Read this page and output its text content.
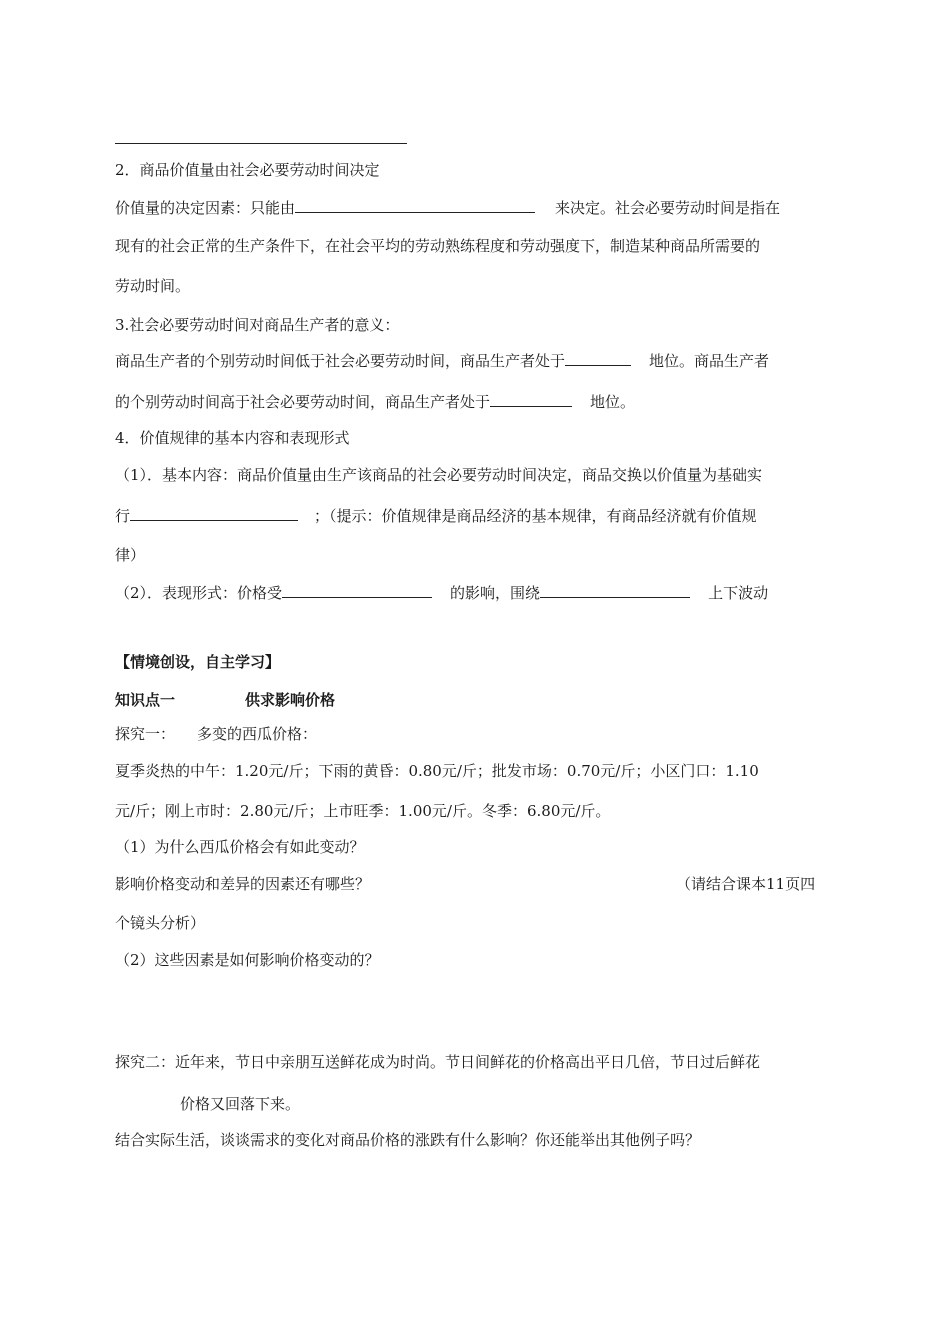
2．商品价值量由社会必要劳动时间决定
价值量的决定因素：只能由	来决定。社会必要劳动时间是指在
现有的社会正常的生产条件下，在社会平均的劳动熟练程度和劳动强度下，制造某种商品所需要的
劳动时间。
3.社会必要劳动时间对商品生产者的意义：
商品生产者的个别劳动时间低于社会必要劳动时间，商品生产者处于	地位。商品生产者
的个别劳动时间高于社会必要劳动时间，商品生产者处于	地位。
4．价值规律的基本内容和表现形式
（1）．基本内容：商品价值量由生产该商品的社会必要劳动时间决定，商品交换以价值量为基础实
行	；（提示：价值规律是商品经济的基本规律，有商品经济就有价值规
律）
（2）．表现形式：价格受	的影响，围绕	上下波动
【情境创设，自主学习】
知识点一	供求影响价格
探究一： 多变的西瓜价格：
夏季炎热的中午：1.20元/斤；下雨的黄昏：0.80元/斤；批发市场：0.70元/斤；小区门口：1.10
元/斤；刚上市时：2.80元/斤；上市旺季：1.00元/斤。冬季：6.80元/斤。
（1）为什么西瓜价格会有如此变动？
影响价格变动和差异的因素还有哪些？	（请结合课本11页四
个镜头分析）
（2）这些因素是如何影响价格变动的？
探究二：近年来，节日中亲朋互送鲜花成为时尚。节日间鲜花的价格高出平日几倍，节日过后鲜花
价格又回落下来。
结合实际生活，谈谈需求的变化对商品价格的涨跌有什么影响？你还能举出其他例子吗？
